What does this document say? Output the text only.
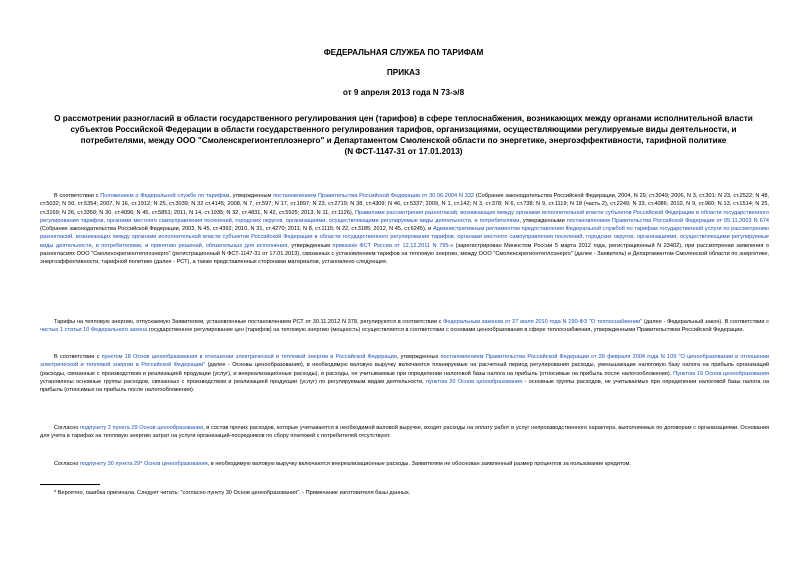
ФЕДЕРАЛЬНАЯ СЛУЖБА ПО ТАРИФАМ
ПРИКАЗ
от 9 апреля 2013 года N 73-э/8
О рассмотрении разногласий в области государственного регулирования цен (тарифов) в сфере теплоснабжения, возникающих между органами исполнительной власти субъектов Российской Федерации в области государственного регулирования тарифов, организациями, осуществляющими регулируемые виды деятельности, и потребителями, между ООО "Смоленскрегионтеплоэнерго" и Департаментом Смоленской области по энергетике, энергоэффективности, тарифной политике
(N ФСТ-1147-31 от 17.01.2013)
В соответствии с Положением о Федеральной службе по тарифам, утвержденным постановлением Правительства Российской Федерации от 30.06.2004 N 332 (Собрание законодательства Российской Федерации, 2004, N 29, ст.3049; 2006, N 3, ст.301; N 23, ст.2522; N 48, ст.5032; N 50, ст.5354; 2007, N 16, ст.1912; N 25, ст.3039; N 32 ст.4145; 2008, N 7, ст.597; N 17, ст.1897; N 23, ст.2719; N 38, ст.4309; N 46, ст.5337; 2009, N 1, ст.142; N 3, ст.378; N 6, ст.738; N 9, ст.1119; N 18 (часть 2), ст.2249; N 33, ст.4086; 2010, N 9, ст.960; N 13, ст.1514; N 25, ст.3169; N 26, ст.3350; N 30, ст.4096; N 45, ст.5851; 2011, N 14, ст.1935; N 32, ст.4831, N 42, ст.5925; 2013, N 11, ст.1126), Правилами рассмотрения разногласий, возникающих между органами исполнительной власти субъектов Российской Федерации в области государственного регулирования тарифов, органами местного самоуправления поселений, городских округов, организациями, осуществляющими регулируемые виды деятельности, и потребителями, утвержденными постановлением Правительства Российской Федерации от 05.11.2003 N 674 (Собрание законодательства Российской Федерации, 2003, N 45, ст.4392; 2010, N 31, ст.4270; 2011, N 8, ст.1115; N 22, ст.3185; 2012, N 45, ст.6245), и Административным регламентом предоставления Федеральной службой по тарифам государственной услуги по рассмотрению разногласий, возникающих между органами исполнительной власти субъектов Российской Федерации в области государственного регулирования тарифов, органами местного самоуправления поселений, городских округов, организациями, осуществляющими регулируемые виды деятельности, и потребителями, и принятию решений, обязательных для исполнения, утвержденным приказом ФСТ России от 12.12.2011 N 795-э (зарегистрирован Минюстом России 5 марта 2012 года, регистрационный N 23402), при рассмотрении заявления о разногласиях ООО "Смоленскрегионтеплоэнерго" (регистрационный N ФСТ-1147-31 от 17.01.2013), связанных с установлением тарифов на тепловую энергию, между ООО "Смоленскрегионтеплоэнерго" (далее - Заявитель) и Департаментом Смоленской области по энергетике, энергоэффективности, тарифной политике (далее - РСТ), а также представленных сторонами материалов, установлено следующее.
Тарифы на тепловую энергию, отпускаемую Заявителем, установленные постановлением РСТ от 30.11.2012 N 378, регулируются в соответствии с Федеральным законом от 27 июля 2010 года N 190-ФЗ "О теплоснабжении" (далее - Федеральный закон). В соответствии с частью 1 статьи 10 Федерального закона государственное регулирование цен (тарифов) на тепловую энергию (мощность) осуществляется в соответствии с основами ценообразования в сфере теплоснабжения, утвержденными Правительством Российской Федерации.
В соответствии с пунктом 18 Основ ценообразования в отношении электрической и тепловой энергии в Российской Федерации, утвержденных постановлением Правительства Российской Федерации от 26 февраля 2004 года N 109 "О ценообразовании в отношении электрической и тепловой энергии в Российской Федерации" (далее - Основы ценообразования), в необходимую валовую выручку включаются планируемые на расчетный период регулирования расходы, уменьшающие налоговую базу налога на прибыль организаций (расходы, связанные с производством и реализацией продукции (услуг), и внереализационные расходы), и расходы, не учитываемые при определении налоговой базы налога на прибыль (относимые на прибыль после налогообложения). Пунктом 19 Основ ценообразования установлены основные группы расходов, связанных с производством и реализацией продукции (услуг) по регулируемым видам деятельности, пунктом 20 Основ ценообразования - основные группы расходов, не учитываемых при определении налоговой базы налога на прибыль (относимых на прибыль после налогообложения).
Согласно подпункту 2 пункта 29 Основ ценообразования, в состав прочих расходов, которые учитываются в необходимой валовой выручке, входят расходы на оплату работ и услуг непроизводственного характера, выполняемых по договорам с организациями. Основания для учета в тарифах на тепловую энергию затрат на услуги организаций-посредников по сбору платежей с потребителей отсутствуют.
Согласно подпункту 30 пункта 29* Основ ценообразования, в необходимую валовую выручку включаются внереализационные расходы. Заявителем не обоснован заявленный размер процентов за пользование кредитом.
* Вероятно, ошибка оригинала. Следует читать: "согласно пункту 30 Основ ценообразования". - Примечание изготовителя базы данных.
